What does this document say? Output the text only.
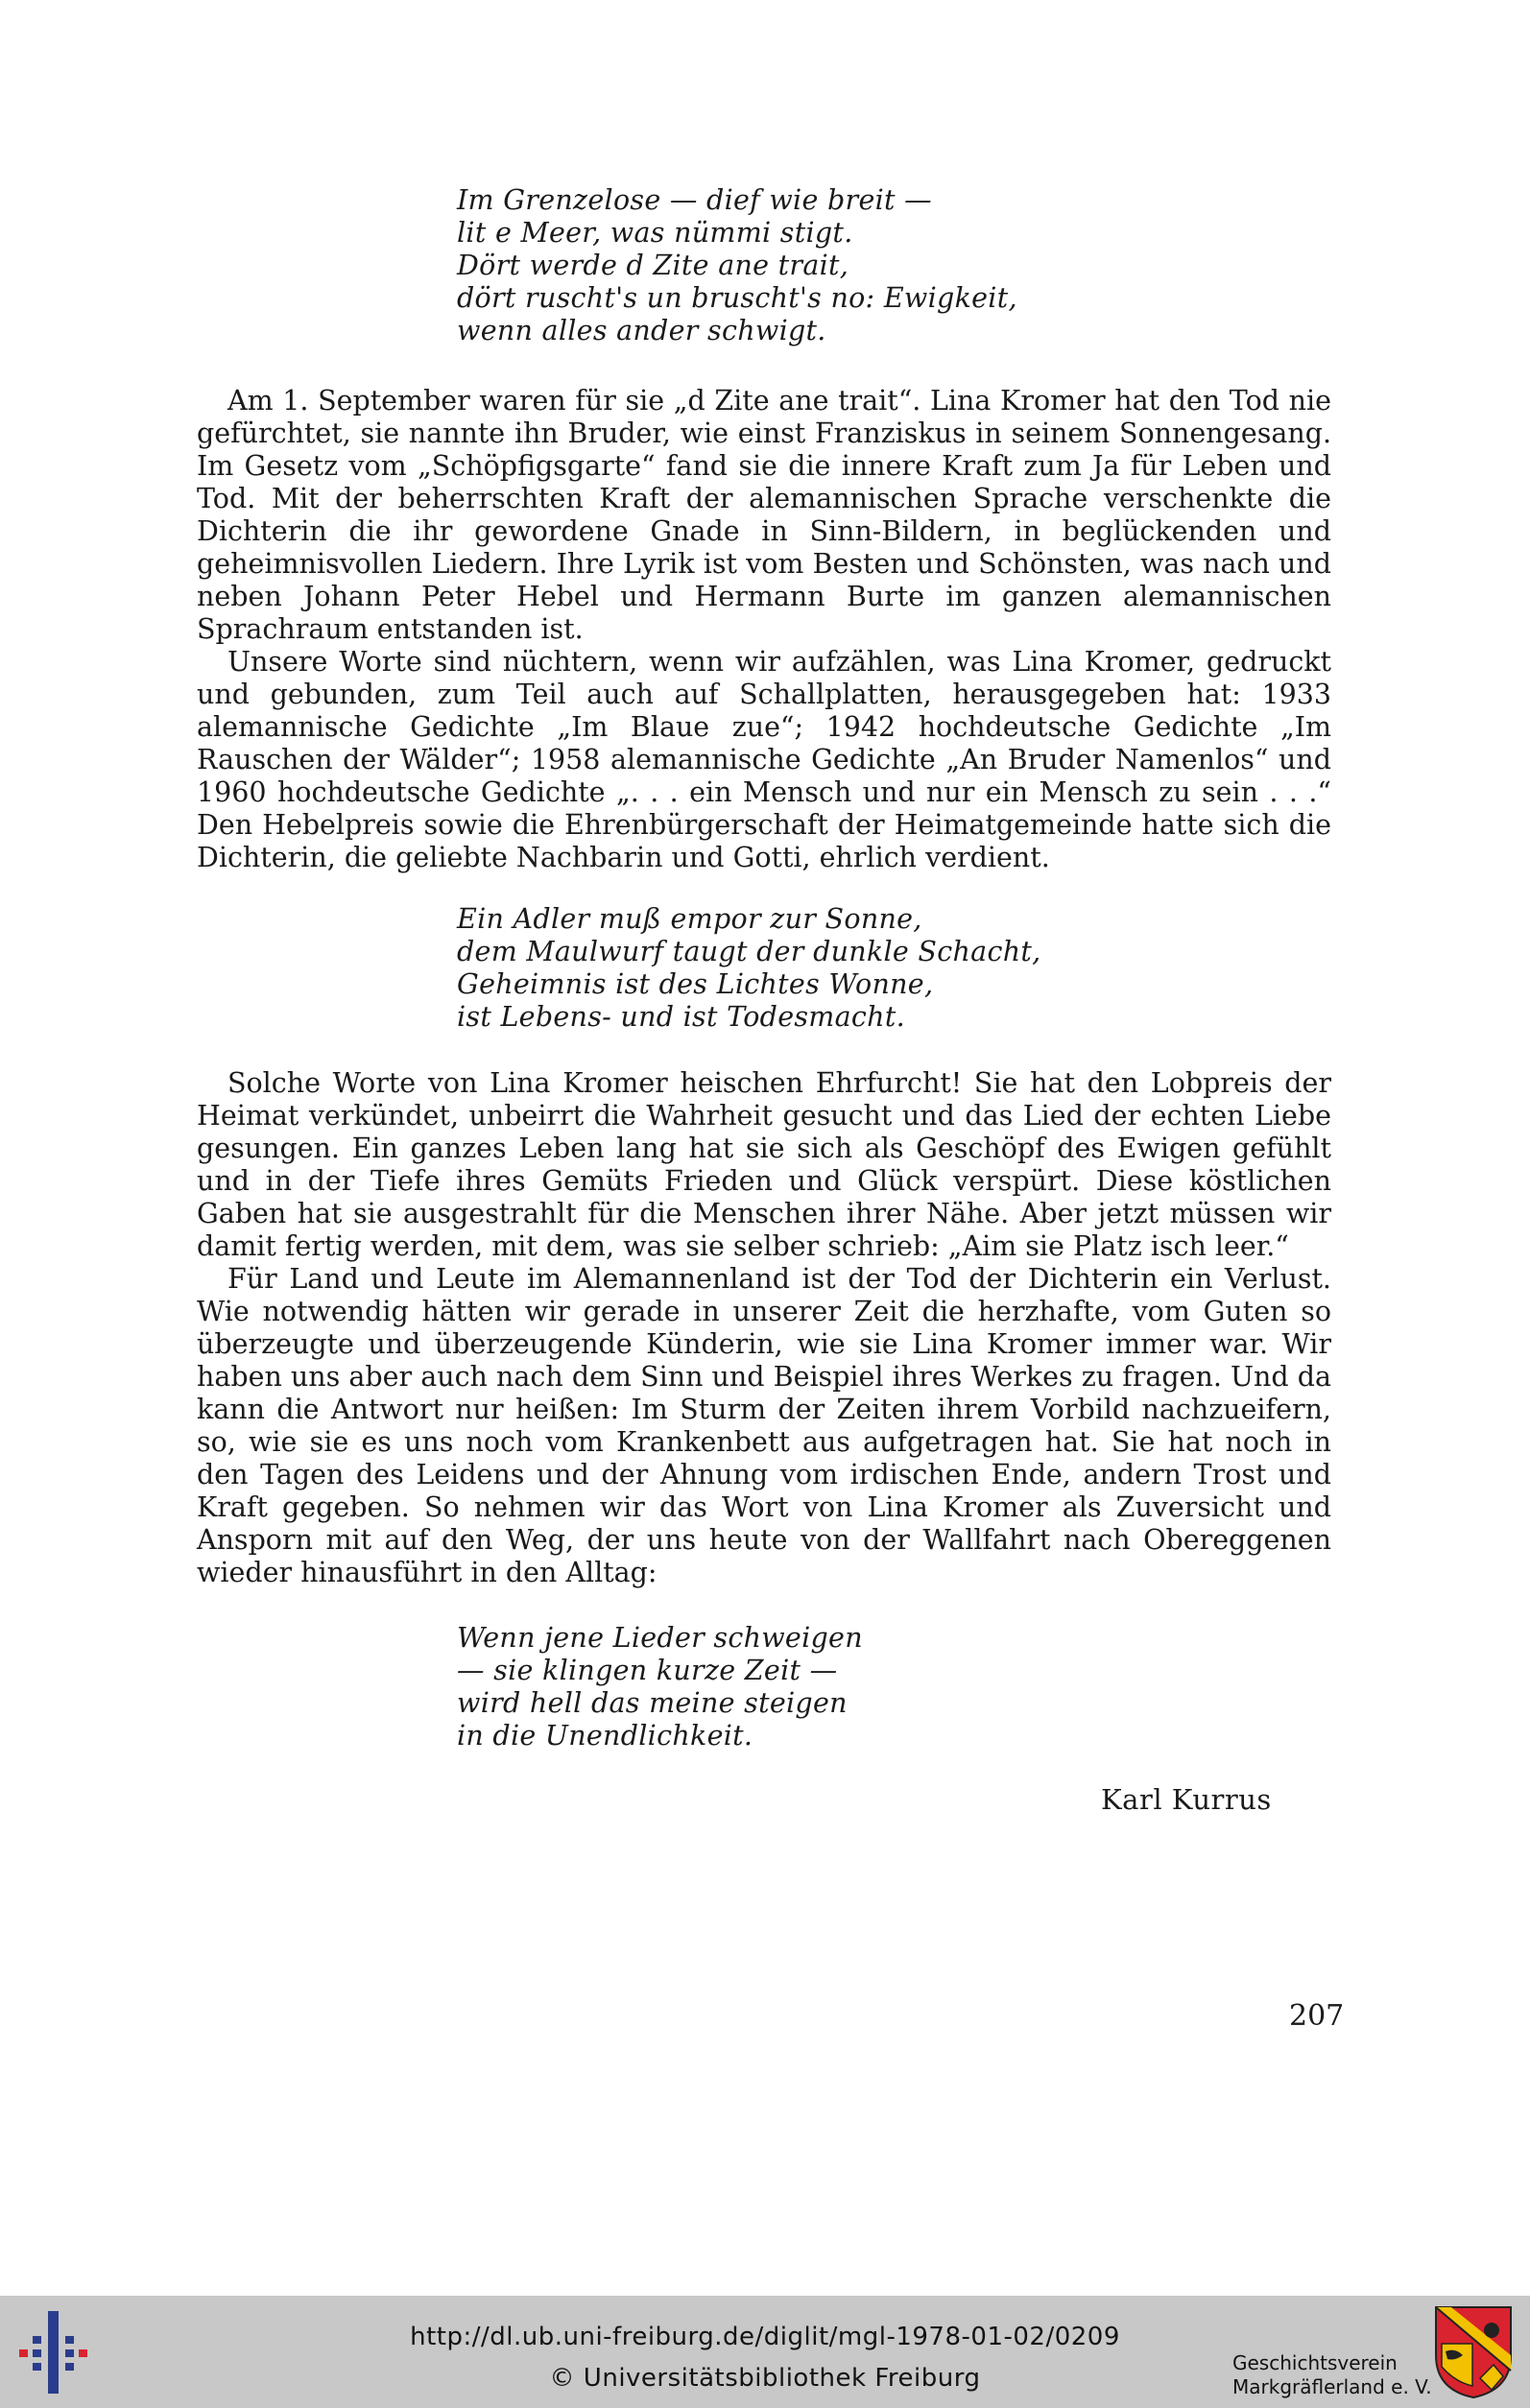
Im Grenzelose — dief wie breit —
lit e Meer, was nümmi stigt.
Dört werde d Zite ane trait,
dört ruscht's un bruscht's no: Ewigkeit,
wenn alles ander schwigt.

Am 1. September waren für sie „d Zite ane trait“. Lina Kromer hat den Tod nie gefürchtet, sie nannte ihn Bruder, wie einst Franziskus in seinem Sonnengesang. Im Gesetz vom „Schöpfigsgarte“ fand sie die innere Kraft zum Ja für Leben und Tod. Mit der beherrschten Kraft der alemannischen Sprache verschenkte die Dichterin die ihr gewordene Gnade in Sinn-Bildern, in beglückenden und geheimnisvollen Liedern. Ihre Lyrik ist vom Besten und Schönsten, was nach und neben Johann Peter Hebel und Hermann Burte im ganzen alemannischen Sprachraum entstanden ist.

Unsere Worte sind nüchtern, wenn wir aufzählen, was Lina Kromer, gedruckt und gebunden, zum Teil auch auf Schallplatten, herausgegeben hat: 1933 alemannische Gedichte „Im Blaue zue“; 1942 hochdeutsche Gedichte „Im Rauschen der Wälder“; 1958 alemannische Gedichte „An Bruder Namenlos“ und 1960 hochdeutsche Gedichte „. . . ein Mensch und nur ein Mensch zu sein . . .“ Den Hebelpreis sowie die Ehrenbürgerschaft der Heimatgemeinde hatte sich die Dichterin, die geliebte Nachbarin und Gotti, ehrlich verdient.

Ein Adler muß empor zur Sonne,
dem Maulwurf taugt der dunkle Schacht,
Geheimnis ist des Lichtes Wonne,
ist Lebens- und ist Todesmacht.

Solche Worte von Lina Kromer heischen Ehrfurcht! Sie hat den Lobpreis der Heimat verkündet, unbeirrt die Wahrheit gesucht und das Lied der echten Liebe gesungen. Ein ganzes Leben lang hat sie sich als Geschöpf des Ewigen gefühlt und in der Tiefe ihres Gemüts Frieden und Glück verspürt. Diese köstlichen Gaben hat sie ausgestrahlt für die Menschen ihrer Nähe. Aber jetzt müssen wir damit fertig werden, mit dem, was sie selber schrieb: „Aim sie Platz isch leer.“

Für Land und Leute im Alemannenland ist der Tod der Dichterin ein Verlust. Wie notwendig hätten wir gerade in unserer Zeit die herzhafte, vom Guten so überzeugte und überzeugende Künderin, wie sie Lina Kromer immer war. Wir haben uns aber auch nach dem Sinn und Beispiel ihres Werkes zu fragen. Und da kann die Antwort nur heißen: Im Sturm der Zeiten ihrem Vorbild nachzueifern, so, wie sie es uns noch vom Krankenbett aus aufgetragen hat. Sie hat noch in den Tagen des Leidens und der Ahnung vom irdischen Ende, andern Trost und Kraft gegeben. So nehmen wir das Wort von Lina Kromer als Zuversicht und Ansporn mit auf den Weg, der uns heute von der Wallfahrt nach Obereggenen wieder hinausführt in den Alltag:

Wenn jene Lieder schweigen
— sie klingen kurze Zeit —
wird hell das meine steigen
in die Unendlichkeit.
Karl Kurrus
207
http://dl.ub.uni-freiburg.de/diglit/mgl-1978-01-02/0209
© Universitätsbibliothek Freiburg
Geschichtsverein
Markgräflerland e. V.
